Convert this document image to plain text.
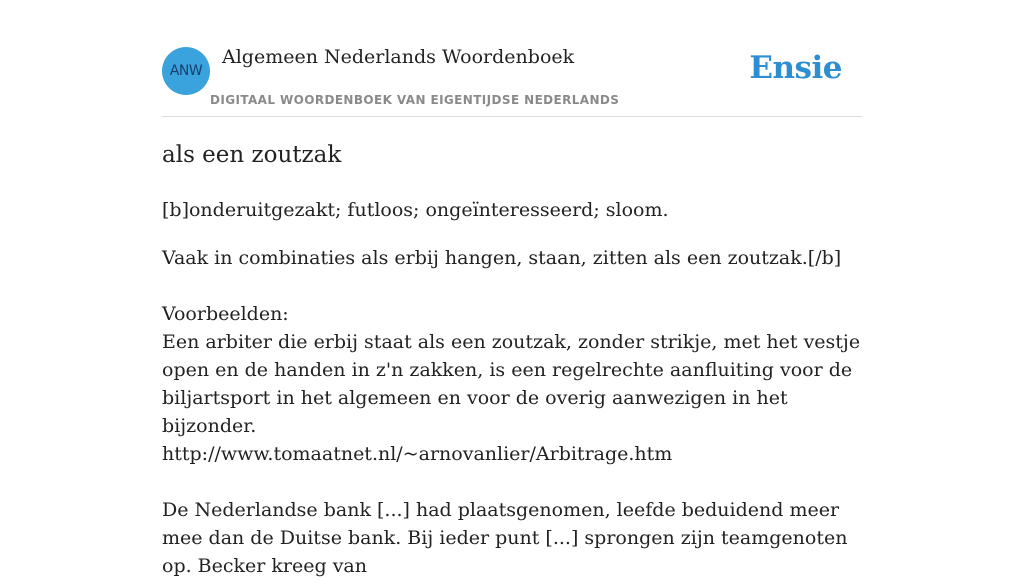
ANW
Algemeen Nederlands Woordenboek
DIGITAAL WOORDENBOEK VAN EIGENTIJDSE NEDERLANDS
Ensie
als een zoutzak

[b]onderuitgezakt; futloos; ongeïnteresseerd; sloom.

Vaak in combinaties als erbij hangen, staan, zitten als een zoutzak.[/b]

Voorbeelden:
Een arbiter die erbij staat als een zoutzak, zonder strikje, met het vestje open en de handen in z'n zakken, is een regelrechte aanfluiting voor de biljartsport in het algemeen en voor de overig aanwezigen in het bijzonder.
http://www.tomaatnet.nl/~arnovanlier/Arbitrage.htm

De Nederlandse bank [...] had plaatsgenomen, leefde beduidend meer mee dan de Duitse bank. Bij ieder punt [...] sprongen zijn teamgenoten op. Becker kreeg van
